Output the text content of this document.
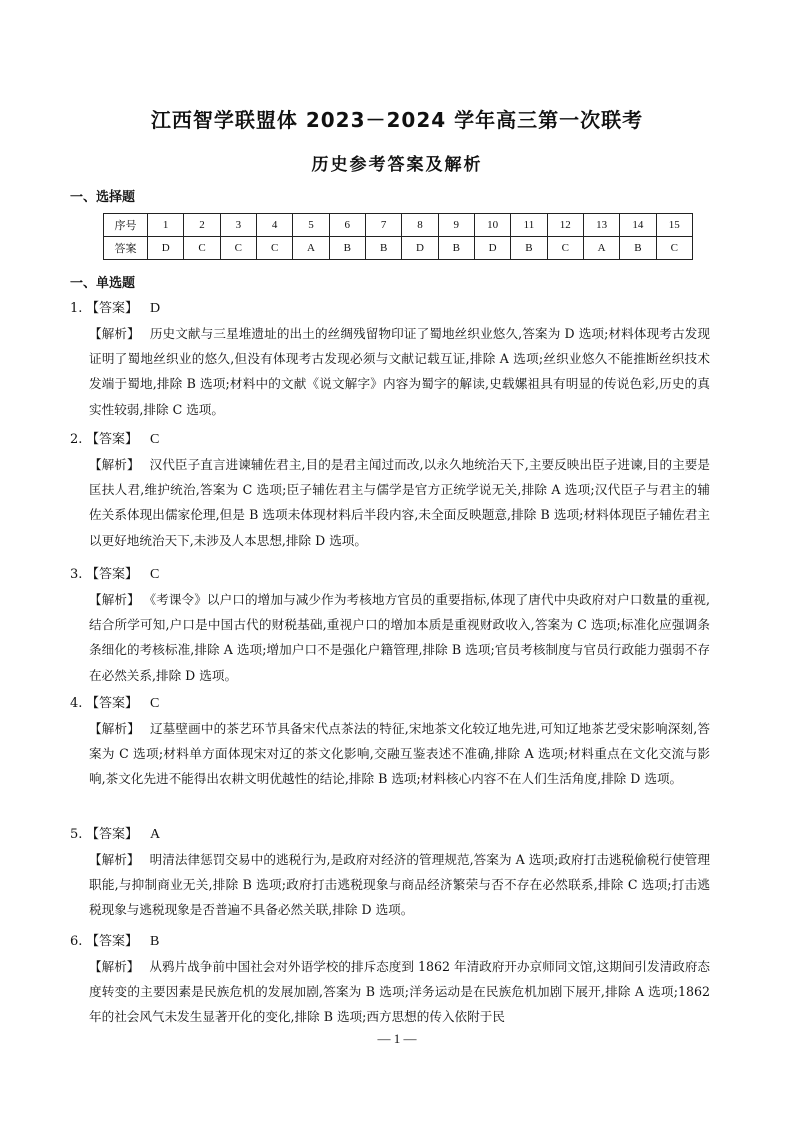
江西智学联盟体 2023－2024 学年高三第一次联考
历史参考答案及解析
一、选择题
序号	1	2	3	4	5	6	7	8	9	10	11	12	13	14	15
答案	D	C	C	C	A	B	B	D	B	D	B	C	A	B	C
一、单选题
1. 【答案】 D
【解析】 历史文献与三星堆遗址的出土的丝绸残留物印证了蜀地丝织业悠久,答案为 D 选项;材料体现考古发现证明了蜀地丝织业的悠久,但没有体现考古发现必须与文献记载互证,排除 A 选项;丝织业悠久不能推断丝织技术发端于蜀地,排除 B 选项;材料中的文献《说文解字》内容为蜀字的解读,史载嫘祖具有明显的传说色彩,历史的真实性较弱,排除 C 选项。
2. 【答案】 C
【解析】 汉代臣子直言进谏辅佐君主,目的是君主闻过而改,以永久地统治天下,主要反映出臣子进谏,目的主要是匡扶人君,维护统治,答案为 C 选项;臣子辅佐君主与儒学是官方正统学说无关,排除 A 选项;汉代臣子与君主的辅佐关系体现出儒家伦理,但是 B 选项未体现材料后半段内容,未全面反映题意,排除 B 选项;材料体现臣子辅佐君主以更好地统治天下,未涉及人本思想,排除 D 选项。
3. 【答案】 C
【解析】 《考课令》以户口的增加与减少作为考核地方官员的重要指标,体现了唐代中央政府对户口数量的重视,结合所学可知,户口是中国古代的财税基础,重视户口的增加本质是重视财政收入,答案为 C 选项;标准化应强调条条细化的考核标准,排除 A 选项;增加户口不是强化户籍管理,排除 B 选项;官员考核制度与官员行政能力强弱不存在必然关系,排除 D 选项。
4. 【答案】 C
【解析】 辽墓壁画中的茶艺环节具备宋代点茶法的特征,宋地茶文化较辽地先进,可知辽地茶艺受宋影响深刻,答案为 C 选项;材料单方面体现宋对辽的茶文化影响,交融互鉴表述不准确,排除 A 选项;材料重点在文化交流与影响,茶文化先进不能得出农耕文明优越性的结论,排除 B 选项;材料核心内容不在人们生活角度,排除 D 选项。
5. 【答案】 A
【解析】 明清法律惩罚交易中的逃税行为,是政府对经济的管理规范,答案为 A 选项;政府打击逃税偷税行使管理职能,与抑制商业无关,排除 B 选项;政府打击逃税现象与商品经济繁荣与否不存在必然联系,排除 C 选项;打击逃税现象与逃税现象是否普遍不具备必然关联,排除 D 选项。
6. 【答案】 B
【解析】 从鸦片战争前中国社会对外语学校的排斥态度到 1862 年清政府开办京师同文馆,这期间引发清政府态度转变的主要因素是民族危机的发展加剧,答案为 B 选项;洋务运动是在民族危机加剧下展开,排除 A 选项;1862 年的社会风气未发生显著开化的变化,排除 B 选项;西方思想的传入依附于民
— 1 —
